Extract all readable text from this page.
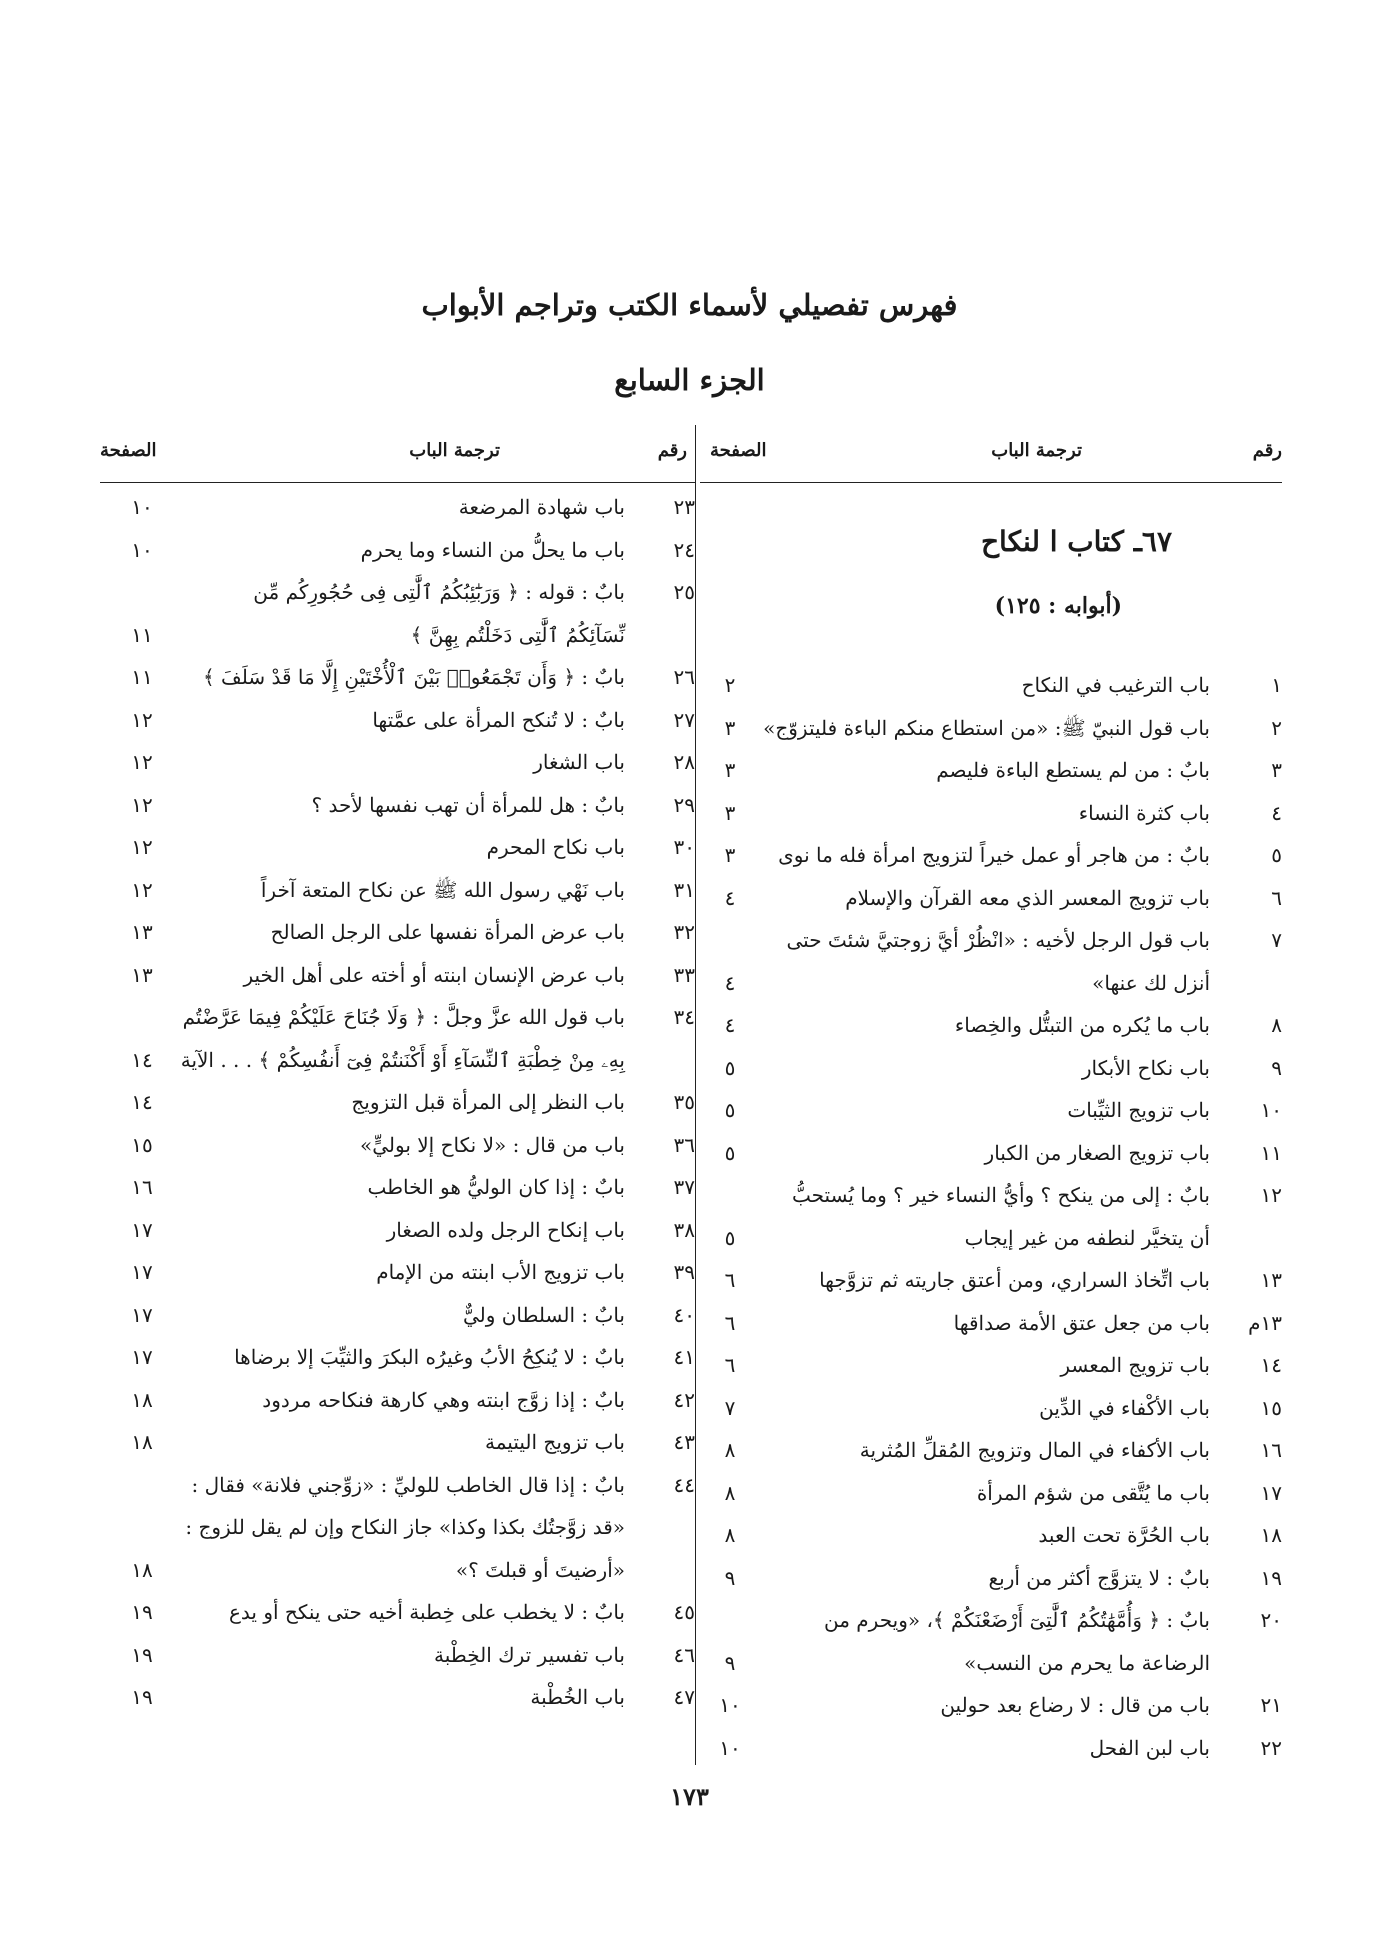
فهرس تفصيلي لأسماء الكتب وتراجم الأبواب
الجزء السابع
رقم
ترجمة الباب
الصفحة
٦٧ـ كتاب ا لنكاح
(أبوابه : ١٢٥)
١
باب الترغيب في النكاح
٢
٢
باب قول النبيّ ﷺ: «من استطاع منكم الباءة فليتزوّج»
٣
٣
بابٌ : من لم يستطع الباءة فليصم
٣
٤
باب كثرة النساء
٣
٥
بابٌ : من هاجر أو عمل خيراً لتزويج امرأة فله ما نوى
٣
٦
باب تزويج المعسر الذي معه القرآن والإسلام
٤
٧
باب قول الرجل لأخيه : «انْظُرْ أيَّ زوجتيَّ شئتَ حتى
أنزل لك عنها»
٤
٨
باب ما يُكره من التبتُّل والخِصاء
٤
٩
باب نكاح الأبكار
٥
١٠
باب تزويج الثيِّبات
٥
١١
باب تزويج الصغار من الكبار
٥
١٢
بابٌ : إلى من ينكح ؟ وأيُّ النساء خير ؟ وما يُستحبُّ
أن يتخيَّر لنطفه من غير إيجاب
٥
١٣
باب اتِّخاذ السراري، ومن أعتق جاريته ثم تزوَّجها
٦
١٣م
باب من جعل عتق الأمة صداقها
٦
١٤
باب تزويج المعسر
٦
١٥
باب الأكْفاء في الدِّين
٧
١٦
باب الأكفاء في المال وتزويج المُقلِّ المُثرية
٨
١٧
باب ما يُتَّقى من شؤم المرأة
٨
١٨
باب الحُرَّة تحت العبد
٨
١٩
بابٌ : لا يتزوَّج أكثر من أربع
٩
٢٠
بابٌ : ﴿ وَأُمَّهَٰتُكُمُ ٱلَّٰتِىٓ أَرْضَعْنَكُمْ ﴾، «ويحرم من
الرضاعة ما يحرم من النسب»
٩
٢١
باب من قال : لا رضاع بعد حولين
١٠
٢٢
باب لبن الفحل
١٠
رقم
ترجمة الباب
الصفحة
٢٣
باب شهادة المرضعة
١٠
٢٤
باب ما يحلُّ من النساء وما يحرم
١٠
٢٥
بابٌ : قوله : ﴿ وَرَبَٰٓئِبُكُمُ ٱلَّٰتِى فِى حُجُورِكُم مِّن
نِّسَآئِكُمُ ٱلَّٰتِى دَخَلْتُم بِهِنَّ ﴾
١١
٢٦
بابٌ : ﴿ وَأَن تَجْمَعُوا۟ بَيْنَ ٱلْأُخْتَيْنِ إِلَّا مَا قَدْ سَلَفَ ﴾
١١
٢٧
بابٌ : لا تُنكح المرأة على عمَّتها
١٢
٢٨
باب الشغار
١٢
٢٩
بابٌ : هل للمرأة أن تهب نفسها لأحد ؟
١٢
٣٠
باب نكاح المحرم
١٢
٣١
باب نَهْي رسول الله ﷺ عن نكاح المتعة آخراً
١٢
٣٢
باب عرض المرأة نفسها على الرجل الصالح
١٣
٣٣
باب عرض الإنسان ابنته أو أخته على أهل الخير
١٣
٣٤
باب قول الله عزَّ وجلَّ : ﴿ وَلَا جُنَاحَ عَلَيْكُمْ فِيمَا عَرَّضْتُم
بِهِۦ مِنْ خِطْبَةِ ٱلنِّسَآءِ أَوْ أَكْنَنتُمْ فِىٓ أَنفُسِكُمْ ﴾ . . . الآية
١٤
٣٥
باب النظر إلى المرأة قبل التزويج
١٤
٣٦
باب من قال : «لا نكاح إلا بوليٍّ»
١٥
٣٧
بابٌ : إذا كان الوليُّ هو الخاطب
١٦
٣٨
باب إنكاح الرجل ولده الصغار
١٧
٣٩
باب تزويج الأب ابنته من الإمام
١٧
٤٠
بابٌ : السلطان وليٌّ
١٧
٤١
بابٌ : لا يُنكِحُ الأبُ وغيرُه البكرَ والثيِّبَ إلا برضاها
١٧
٤٢
بابٌ : إذا زوَّج ابنته وهي كارهة فنكاحه مردود
١٨
٤٣
باب تزويج اليتيمة
١٨
٤٤
بابٌ : إذا قال الخاطب للوليِّ : «زوِّجني فلانة» فقال :
«قد زوَّجتُك بكذا وكذا» جاز النكاح وإن لم يقل للزوج :
«أرضيتَ أو قبلتَ ؟»
١٨
٤٥
بابٌ : لا يخطب على خِطبة أخيه حتى ينكح أو يدع
١٩
٤٦
باب تفسير ترك الخِطْبة
١٩
٤٧
باب الخُطْبة
١٩
١٧٣
